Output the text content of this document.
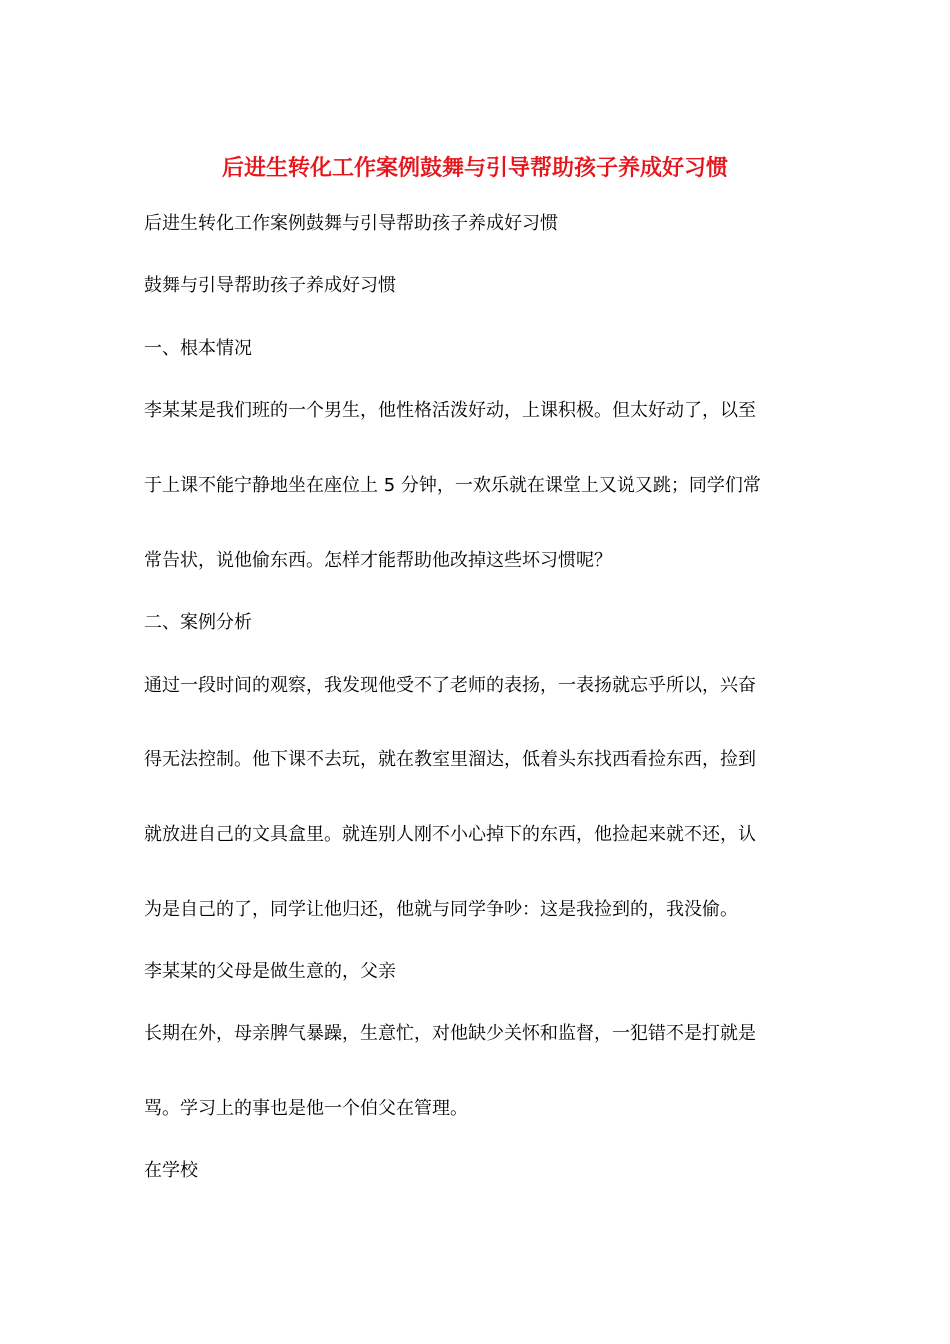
后进生转化工作案例鼓舞与引导帮助孩子养成好习惯
后进生转化工作案例鼓舞与引导帮助孩子养成好习惯
鼓舞与引导帮助孩子养成好习惯
一、根本情况
李某某是我们班的一个男生，他性格活泼好动，上课积极。但太好动了，以至
于上课不能宁静地坐在座位上 5 分钟，一欢乐就在课堂上又说又跳；同学们常
常告状，说他偷东西。怎样才能帮助他改掉这些坏习惯呢？
二、案例分析
通过一段时间的观察，我发现他受不了老师的表扬，一表扬就忘乎所以，兴奋
得无法控制。他下课不去玩，就在教室里溜达，低着头东找西看捡东西，捡到
就放进自己的文具盒里。就连别人刚不小心掉下的东西，他捡起来就不还，认
为是自己的了，同学让他归还，他就与同学争吵：这是我捡到的，我没偷。
李某某的父母是做生意的，父亲
长期在外，母亲脾气暴躁，生意忙，对他缺少关怀和监督，一犯错不是打就是
骂。学习上的事也是他一个伯父在管理。
在学校
